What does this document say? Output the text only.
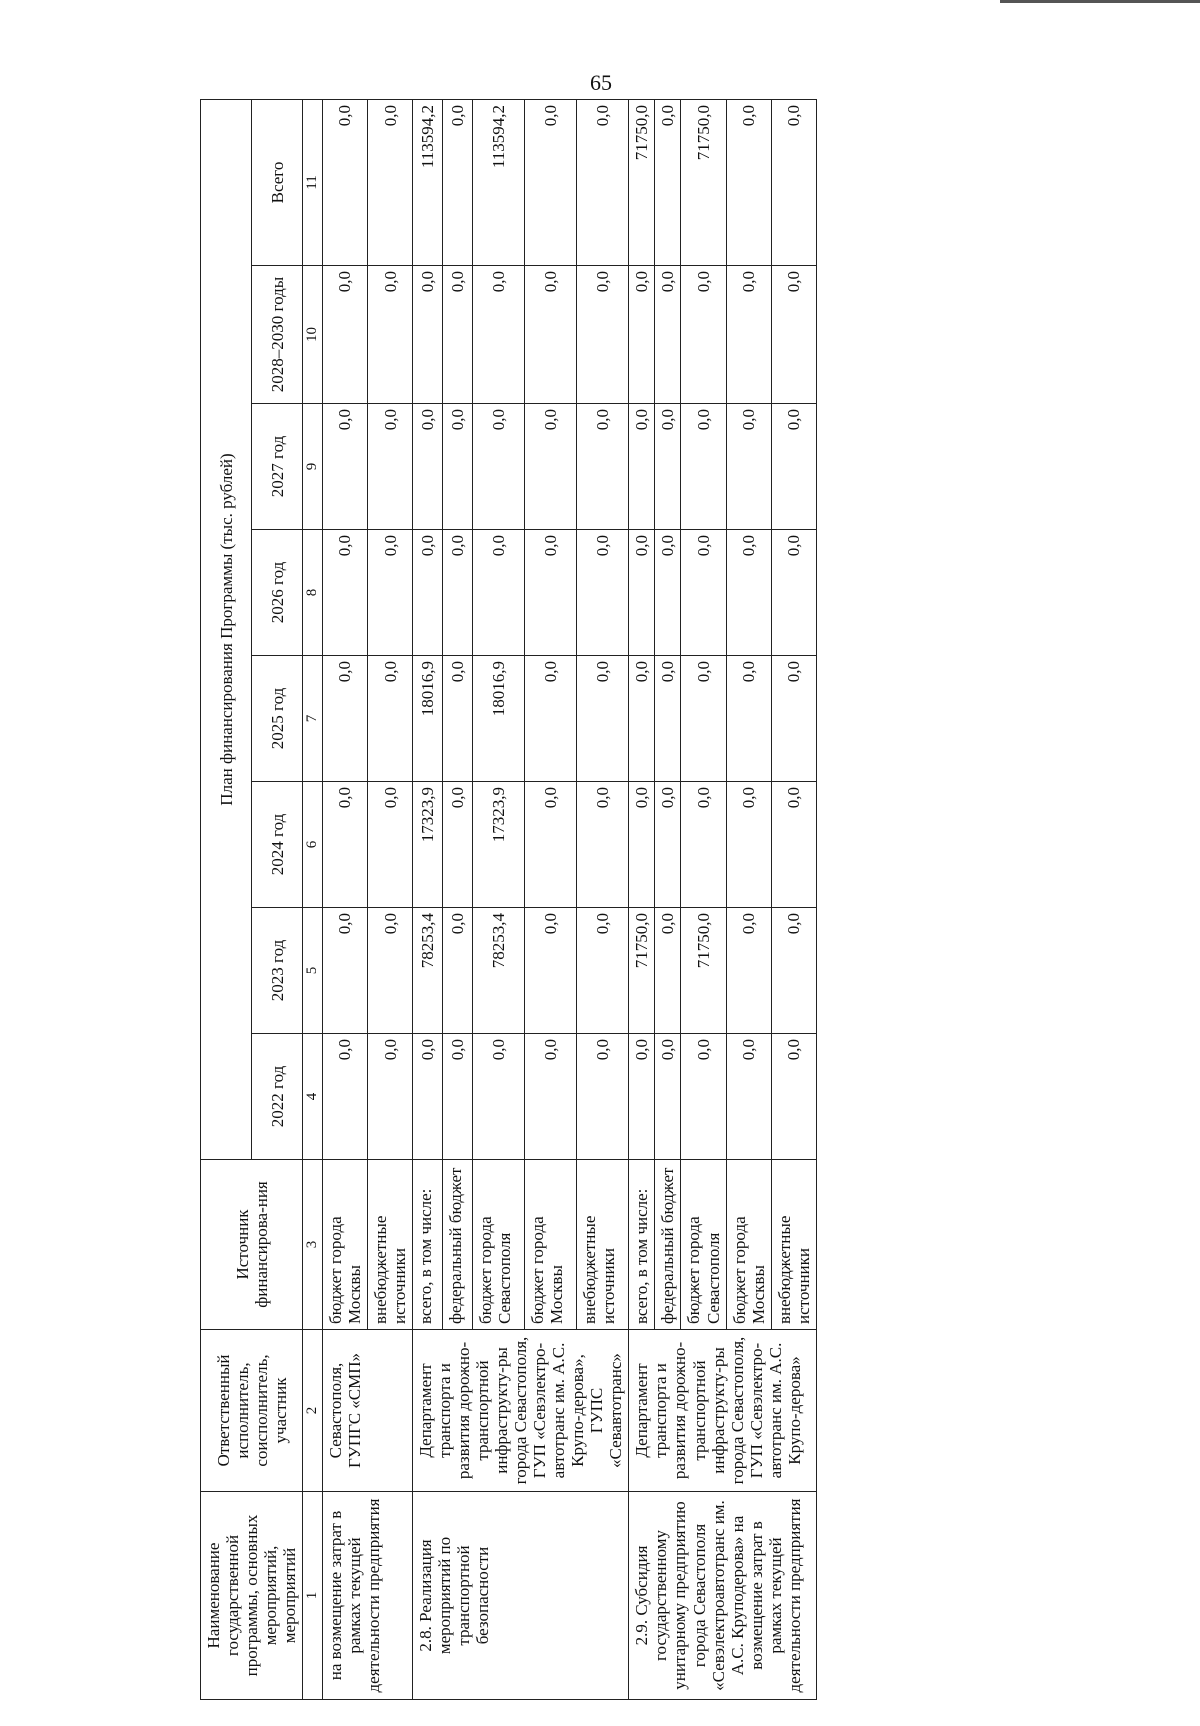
65
Наименование государственной программы, основных мероприятий, мероприятий	Ответственный исполнитель, соисполнитель, участник	Источник финансирова-ния	План финансирования Программы (тыс. рублей)							
			2022 год	2023 год	2024 год	2025 год	2026 год	2027 год	2028–2030 годы	Всего
1	2	3	4	5	6	7	8	9	10	11
на возмещение затрат в рамках текущей деятельности предприятия	Севастополя, ГУПГС «СМП»	бюджет города Москвы	0,0	0,0	0,0	0,0	0,0	0,0	0,0	0,0
		внебюджетные источники	0,0	0,0	0,0	0,0	0,0	0,0	0,0	0,0
2.8. Реализация мероприятий по транспортной безопасности	Департамент транспорта и развития дорожно-транспортной инфраструкту-ры города Севастополя, ГУП «Севэлектро-автотранс им. А.С. Крупо-дерова», ГУПС «Севавтотранс»	всего, в том числе:	0,0	78253,4	17323,9	18016,9	0,0	0,0	0,0	113594,2
		федеральный бюджет	0,0	0,0	0,0	0,0	0,0	0,0	0,0	0,0
		бюджет города Севастополя	0,0	78253,4	17323,9	18016,9	0,0	0,0	0,0	113594,2
		бюджет города Москвы	0,0	0,0	0,0	0,0	0,0	0,0	0,0	0,0
		внебюджетные источники	0,0	0,0	0,0	0,0	0,0	0,0	0,0	0,0
2.9. Субсидия государственному унитарному предприятию города Севастополя «Севэлектроавтотранс им. А.С. Круподерова» на возмещение затрат в рамках текущей деятельности предприятия	Департамент транспорта и развития дорожно-транспортной инфраструкту-ры города Севастополя, ГУП «Севэлектро-автотранс им. А.С. Крупо-дерова»	всего, в том числе:	0,0	71750,0	0,0	0,0	0,0	0,0	0,0	71750,0
		федеральный бюджет	0,0	0,0	0,0	0,0	0,0	0,0	0,0	0,0
		бюджет города Севастополя	0,0	71750,0	0,0	0,0	0,0	0,0	0,0	71750,0
		бюджет города Москвы	0,0	0,0	0,0	0,0	0,0	0,0	0,0	0,0
		внебюджетные источники	0,0	0,0	0,0	0,0	0,0	0,0	0,0	0,0
